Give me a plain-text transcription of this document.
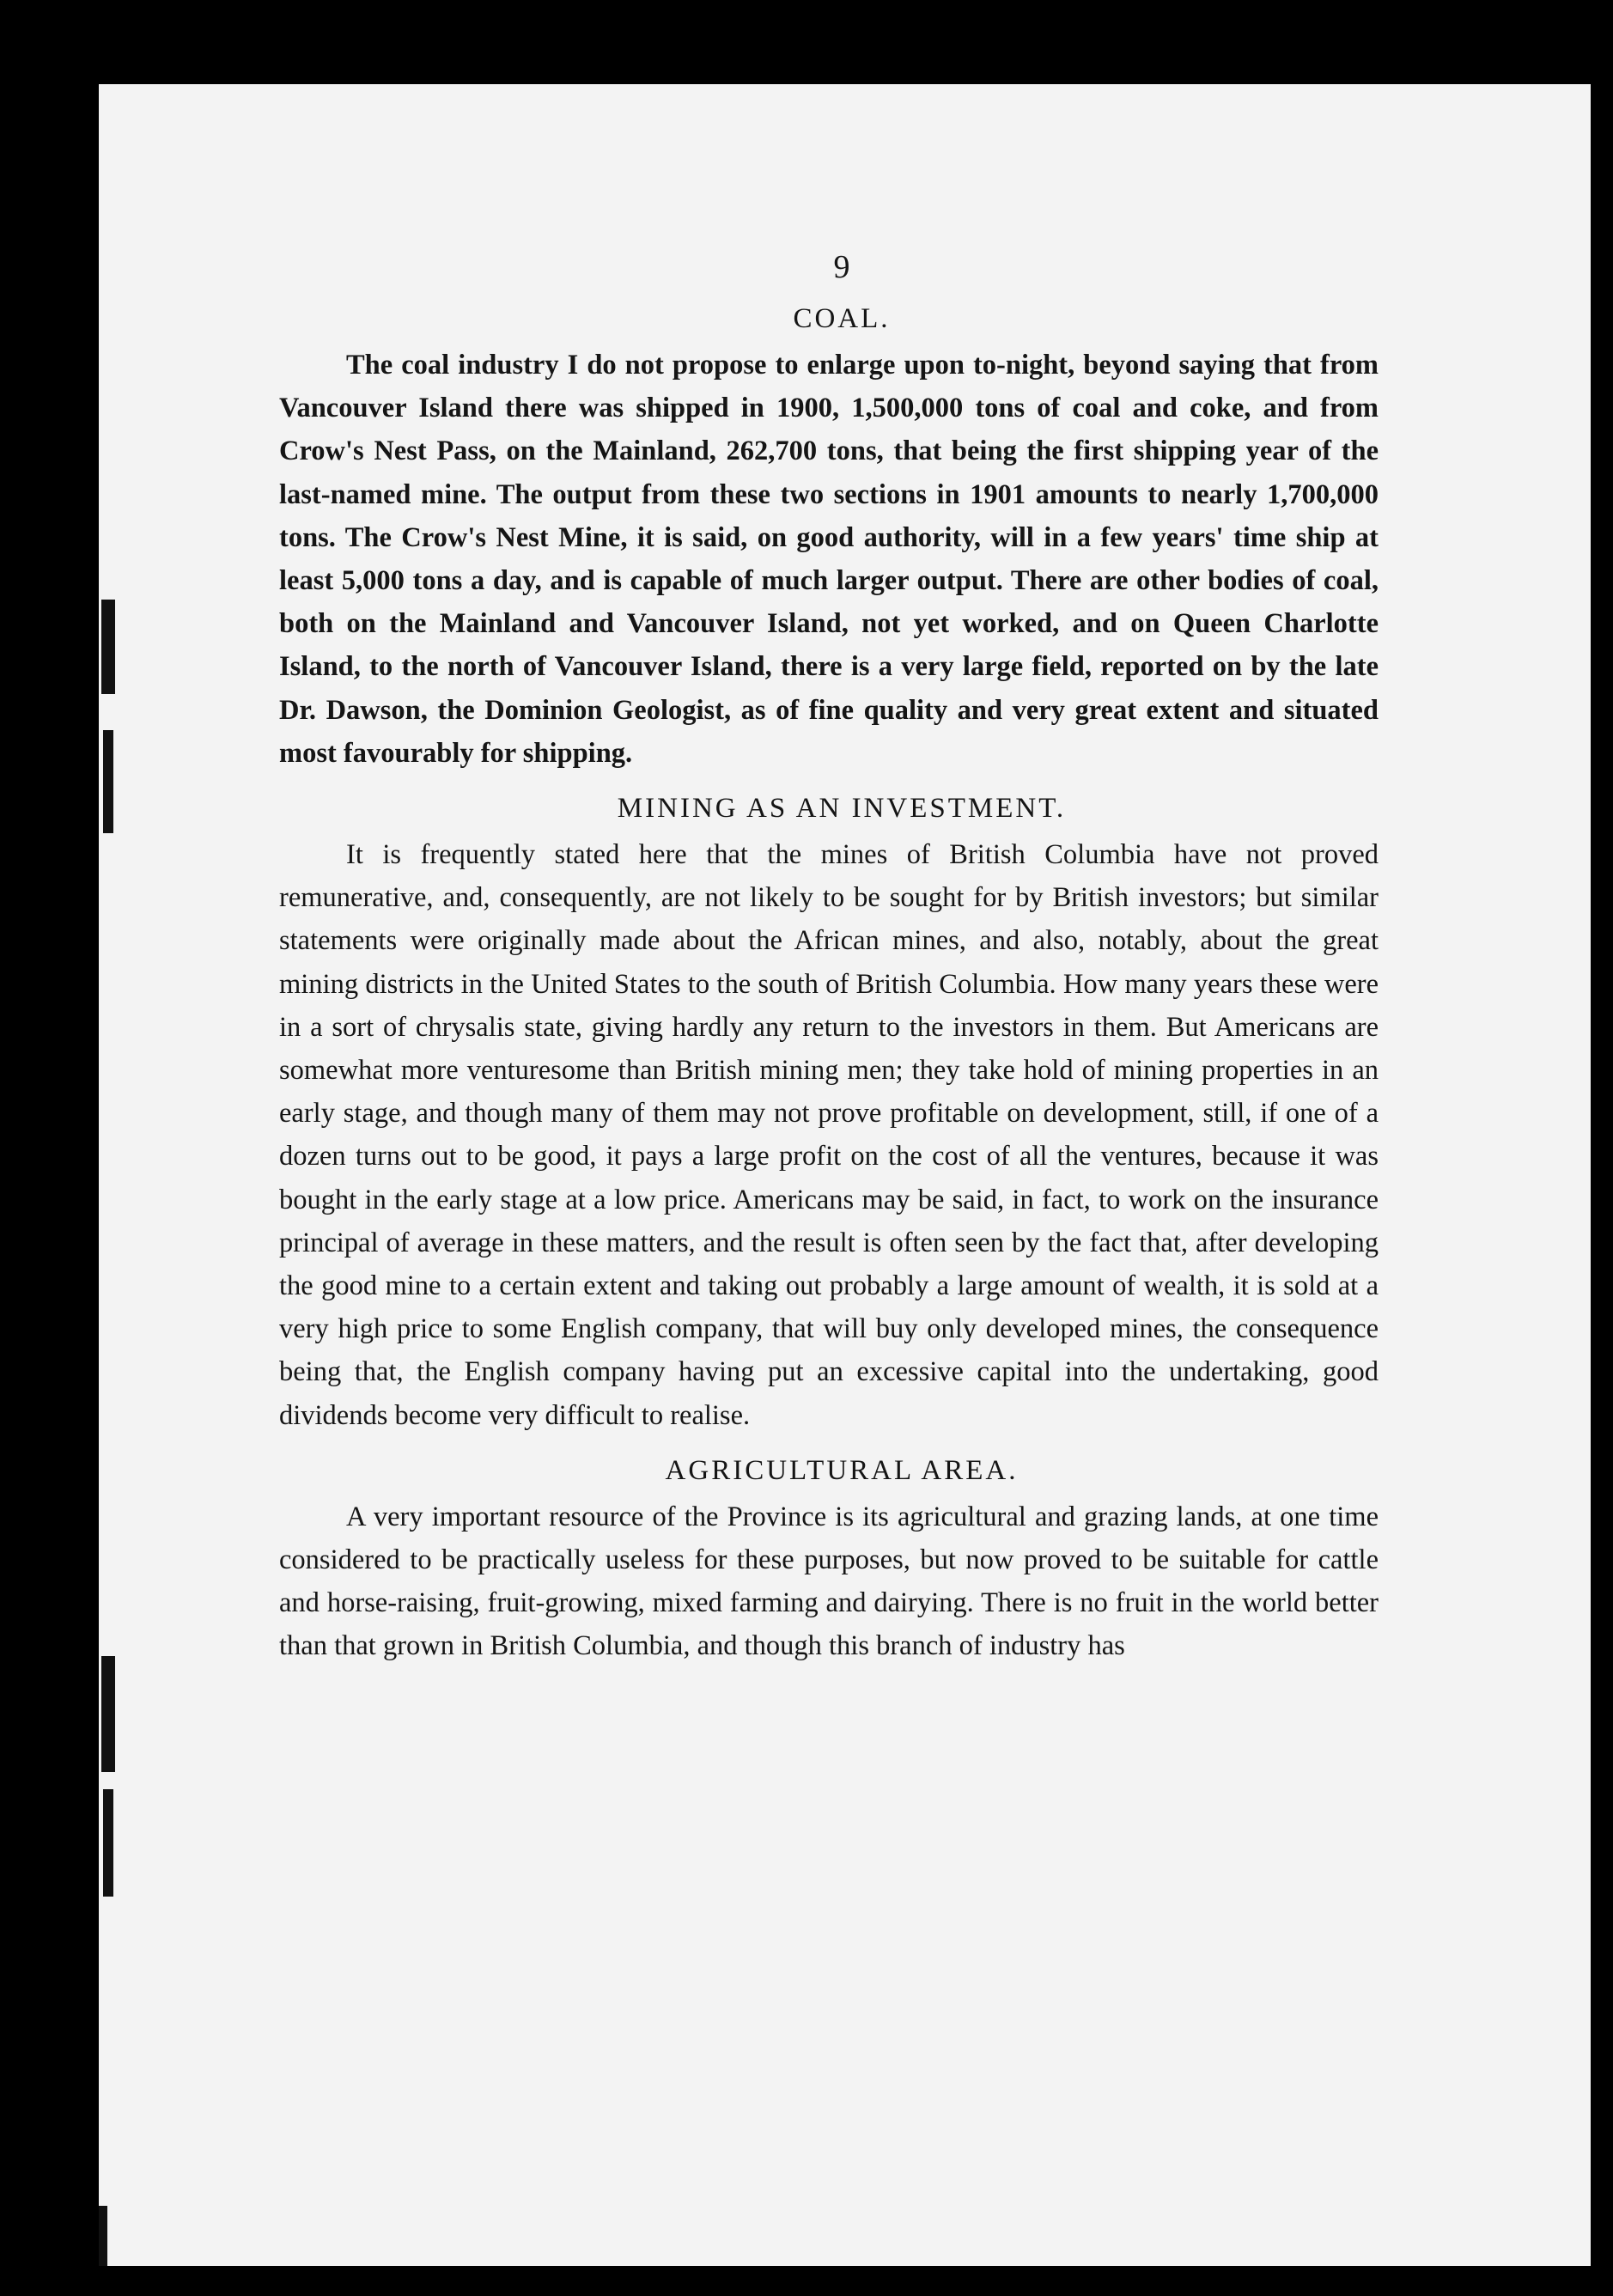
9
COAL.

The coal industry I do not propose to enlarge upon to-night, beyond saying that from Vancouver Island there was shipped in 1900, 1,500,000 tons of coal and coke, and from Crow's Nest Pass, on the Mainland, 262,700 tons, that being the first shipping year of the last-named mine. The output from these two sections in 1901 amounts to nearly 1,700,000 tons. The Crow's Nest Mine, it is said, on good authority, will in a few years' time ship at least 5,000 tons a day, and is capable of much larger output. There are other bodies of coal, both on the Mainland and Vancouver Island, not yet worked, and on Queen Charlotte Island, to the north of Vancouver Island, there is a very large field, reported on by the late Dr. Dawson, the Dominion Geologist, as of fine quality and very great extent and situated most favourably for shipping.

MINING AS AN INVESTMENT.

It is frequently stated here that the mines of British Columbia have not proved remunerative, and, consequently, are not likely to be sought for by British investors; but similar statements were originally made about the African mines, and also, notably, about the great mining districts in the United States to the south of British Columbia. How many years these were in a sort of chrysalis state, giving hardly any return to the investors in them. But Americans are somewhat more venturesome than British mining men; they take hold of mining properties in an early stage, and though many of them may not prove profitable on development, still, if one of a dozen turns out to be good, it pays a large profit on the cost of all the ventures, because it was bought in the early stage at a low price. Americans may be said, in fact, to work on the insurance principal of average in these matters, and the result is often seen by the fact that, after developing the good mine to a certain extent and taking out probably a large amount of wealth, it is sold at a very high price to some English company, that will buy only developed mines, the consequence being that, the English company having put an excessive capital into the undertaking, good dividends become very difficult to realise.

AGRICULTURAL AREA.

A very important resource of the Province is its agricultural and grazing lands, at one time considered to be practically useless for these purposes, but now proved to be suitable for cattle and horse-raising, fruit-growing, mixed farming and dairying. There is no fruit in the world better than that grown in British Columbia, and though this branch of industry has
